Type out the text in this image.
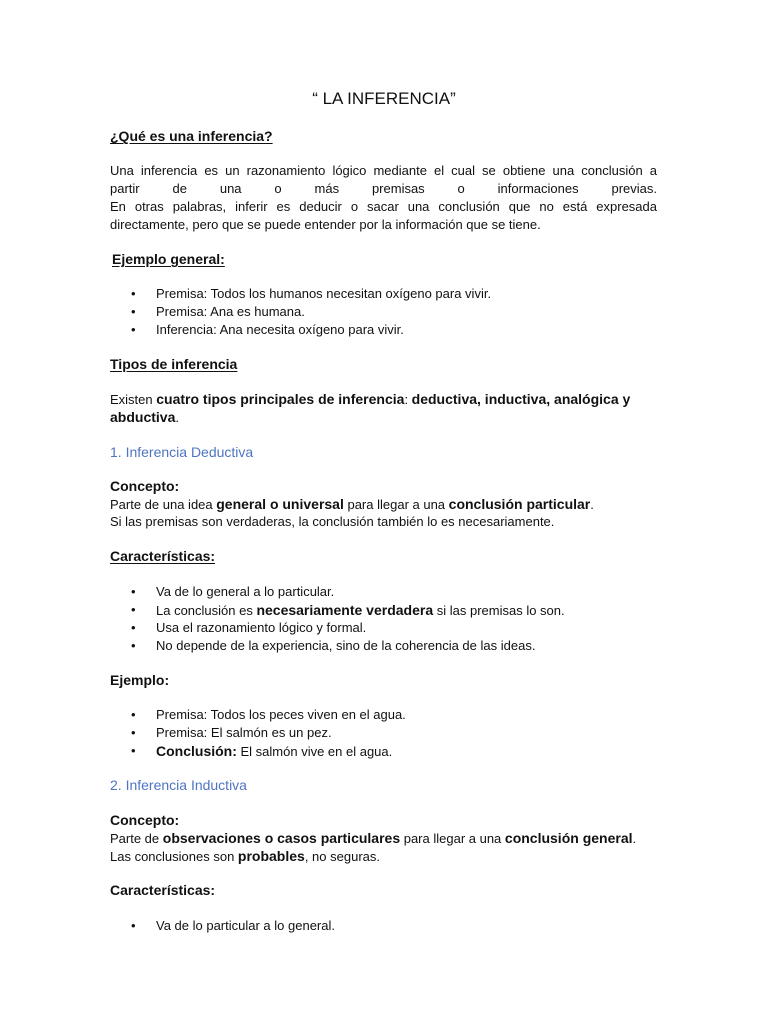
“ LA INFERENCIA”

¿Qué es una inferencia?

Una inferencia es un razonamiento lógico mediante el cual se obtiene una conclusión a

partir de una o más premisas o informaciones previas.

En otras palabras, inferir es deducir o sacar una conclusión que no está expresada

directamente, pero que se puede entender por la información que se tiene.

Ejemplo general:

• Premisa: Todos los humanos necesitan oxígeno para vivir.
• Premisa: Ana es humana.
• Inferencia: Ana necesita oxígeno para vivir.

Tipos de inferencia

Existen cuatro tipos principales de inferencia: deductiva, inductiva, analógica y

abductiva.

1. Inferencia Deductiva

Concepto:

Parte de una idea general o universal para llegar a una conclusión particular.

Si las premisas son verdaderas, la conclusión también lo es necesariamente.

Características:

• Va de lo general a lo particular.
• La conclusión es necesariamente verdadera si las premisas lo son.
• Usa el razonamiento lógico y formal.
• No depende de la experiencia, sino de la coherencia de las ideas.

Ejemplo:

• Premisa: Todos los peces viven en el agua.
• Premisa: El salmón es un pez.
• Conclusión: El salmón vive en el agua.

2. Inferencia Inductiva

Concepto:

Parte de observaciones o casos particulares para llegar a una conclusión general.

Las conclusiones son probables, no seguras.

Características:

• Va de lo particular a lo general.
